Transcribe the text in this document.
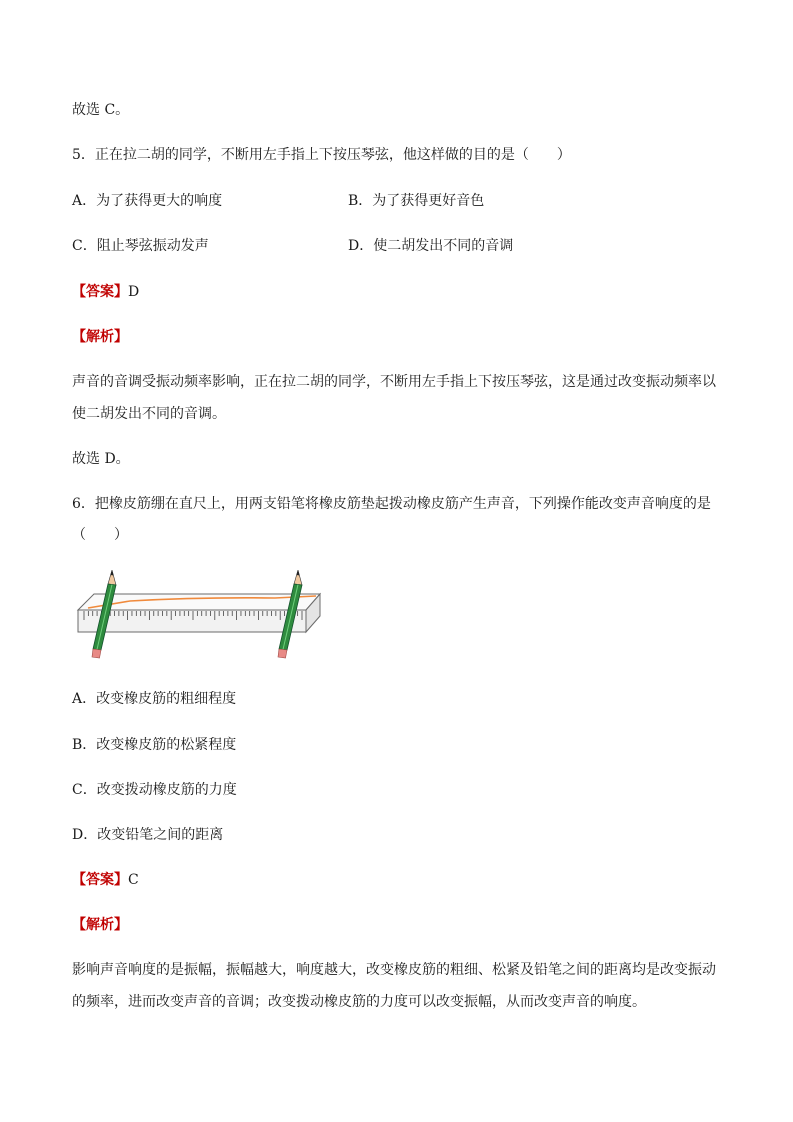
故选 C。
5．正在拉二胡的同学，不断用左手指上下按压琴弦，他这样做的目的是（　　）
A．为了获得更大的响度	B．为了获得更好音色
C．阻止琴弦振动发声	D．使二胡发出不同的音调
【答案】D
【解析】
声音的音调受振动频率影响，正在拉二胡的同学，不断用左手指上下按压琴弦，这是通过改变振动频率以
使二胡发出不同的音调。
故选 D。
6．把橡皮筋绷在直尺上，用两支铅笔将橡皮筋垫起拨动橡皮筋产生声音，下列操作能改变声音响度的是
（　　）
A．改变橡皮筋的粗细程度
B．改变橡皮筋的松紧程度
C．改变拨动橡皮筋的力度
D．改变铅笔之间的距离
【答案】C
【解析】
影响声音响度的是振幅，振幅越大，响度越大，改变橡皮筋的粗细、松紧及铅笔之间的距离均是改变振动
的频率，进而改变声音的音调；改变拨动橡皮筋的力度可以改变振幅，从而改变声音的响度。
